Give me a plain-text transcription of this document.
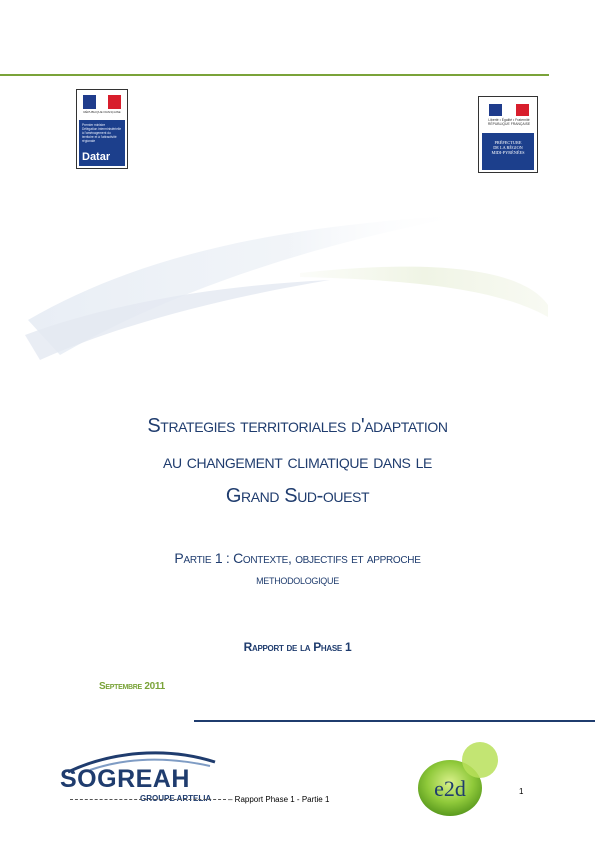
RÉPUBLIQUE FRANÇAISE
Premier ministre
Délégation interministérielle à l'aménagement du territoire et à l'attractivité régionale
Datar
Liberté • Égalité • Fraternité RÉPUBLIQUE FRANÇAISE
PRÉFECTURE
DE LA RÉGION
MIDI-PYRÉNÉES
Strategies territoriales d'adaptation
au changement climatique dans le
Grand Sud-ouest
Partie 1 : Contexte, objectifs et approche
methodologique
Rapport de la Phase 1
Septembre 2011
SOGREAH
GROUPE ARTELIA – Rapport Phase 1 - Partie 1	e2d	1
